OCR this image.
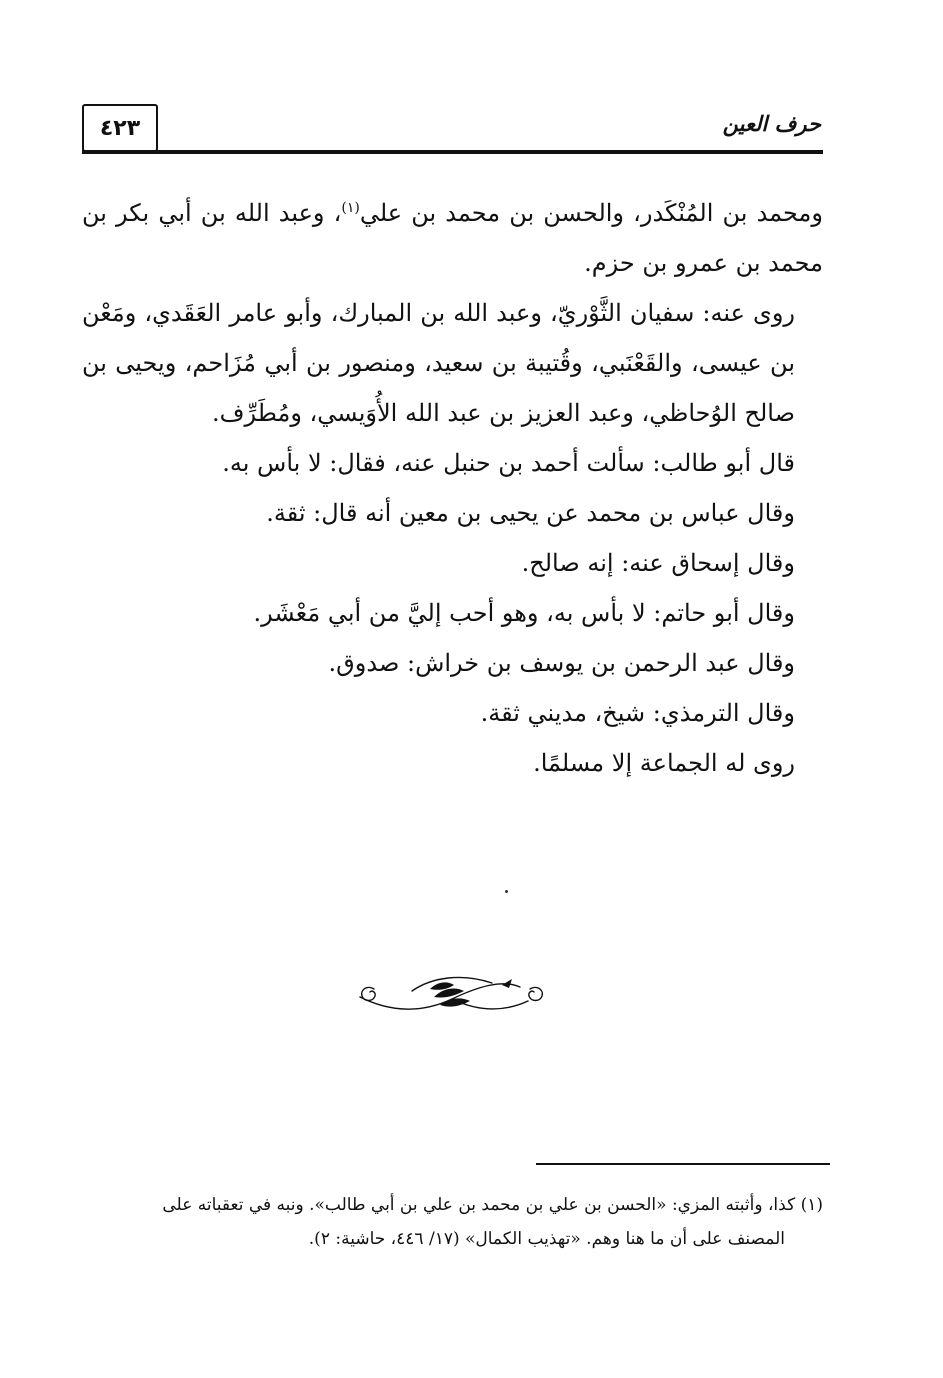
٤٢٣	حرف العين

ومحمد بن المُنْكَدر، والحسن بن محمد بن علي$^{(١)}$، وعبد الله بن أبي بكر بن محمد بن عمرو بن حزم.

روى عنه: سفيان الثَّوْريّ، وعبد الله بن المبارك، وأبو عامر العَقَدي، ومَعْن بن عيسى، والقَعْنَبي، وقُتيبة بن سعيد، ومنصور بن أبي مُزَاحم، ويحيى بن صالح الوُحاظي، وعبد العزيز بن عبد الله الأُوَيسي، ومُطَرِّف.

قال أبو طالب: سألت أحمد بن حنبل عنه، فقال: لا بأس به.

وقال عباس بن محمد عن يحيى بن معين أنه قال: ثقة.

وقال إسحاق عنه: إنه صالح.

وقال أبو حاتم: لا بأس به، وهو أحب إليَّ من أبي مَعْشَر.

وقال عبد الرحمن بن يوسف بن خراش: صدوق.

وقال الترمذي: شيخ، مديني ثقة.

روى له الجماعة إلا مسلمًا.

(١) كذا، وأثبته المزي: «الحسن بن علي بن محمد بن علي بن أبي طالب». ونبه في تعقباته على

المصنف على أن ما هنا وهم. «تهذيب الكمال» (١٧/ ٤٤٦، حاشية: ٢).
